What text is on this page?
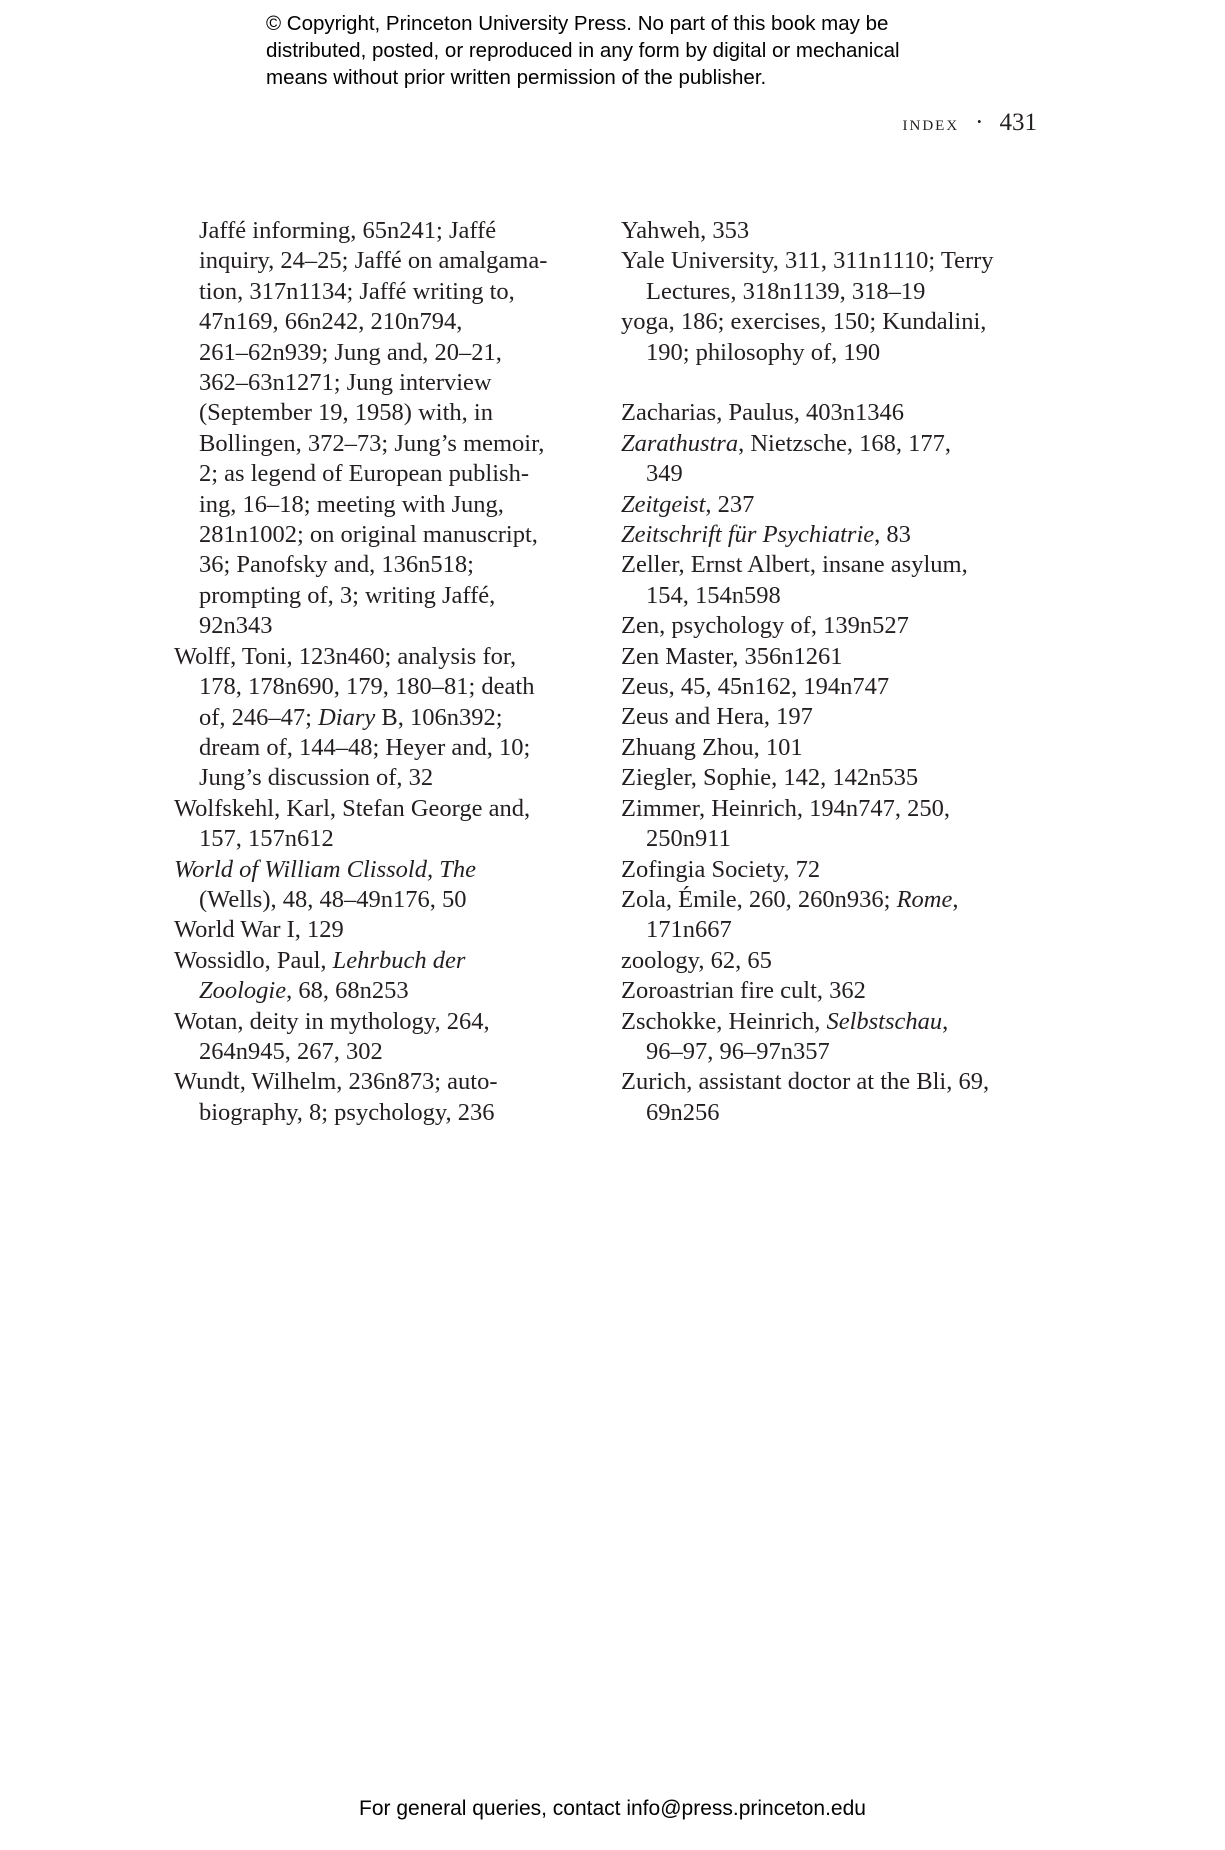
© Copyright, Princeton University Press. No part of this book may be
distributed, posted, or reproduced in any form by digital or mechanical
means without prior written permission of the publisher.
index · 431
Jaffé informing, 65n241; Jaffé
inquiry, 24–25; Jaffé on amalgama-
tion, 317n1134; Jaffé writing to,
47n169, 66n242, 210n794,
261–62n939; Jung and, 20–21,
362–63n1271; Jung interview
(September 19, 1958) with, in
Bollingen, 372–73; Jung’s memoir,
2; as legend of European publish-
ing, 16–18; meeting with Jung,
281n1002; on original manuscript,
36; Panofsky and, 136n518;
prompting of, 3; writing Jaffé,
92n343
Wolff, Toni, 123n460; analysis for,
178, 178n690, 179, 180–81; death
of, 246–47; Diary B, 106n392;
dream of, 144–48; Heyer and, 10;
Jung’s discussion of, 32
Wolfskehl, Karl, Stefan George and,
157, 157n612
World of William Clissold, The
(Wells), 48, 48–49n176, 50
World War I, 129
Wossidlo, Paul, Lehrbuch der
Zoologie, 68, 68n253
Wotan, deity in mythology, 264,
264n945, 267, 302
Wundt, Wilhelm, 236n873; auto-
biography, 8; psychology, 236
Yahweh, 353
Yale University, 311, 311n1110; Terry
Lectures, 318n1139, 318–19
yoga, 186; exercises, 150; Kundalini,
190; philosophy of, 190
Zacharias, Paulus, 403n1346
Zarathustra, Nietzsche, 168, 177,
349
Zeitgeist, 237
Zeitschrift für Psychiatrie, 83
Zeller, Ernst Albert, insane asylum,
154, 154n598
Zen, psychology of, 139n527
Zen Master, 356n1261
Zeus, 45, 45n162, 194n747
Zeus and Hera, 197
Zhuang Zhou, 101
Ziegler, Sophie, 142, 142n535
Zimmer, Heinrich, 194n747, 250,
250n911
Zofingia Society, 72
Zola, Émile, 260, 260n936; Rome,
171n667
zoology, 62, 65
Zoroastrian fire cult, 362
Zschokke, Heinrich, Selbstschau,
96–97, 96–97n357
Zurich, assistant doctor at the Bli, 69,
69n256
For general queries, contact info@press.princeton.edu
